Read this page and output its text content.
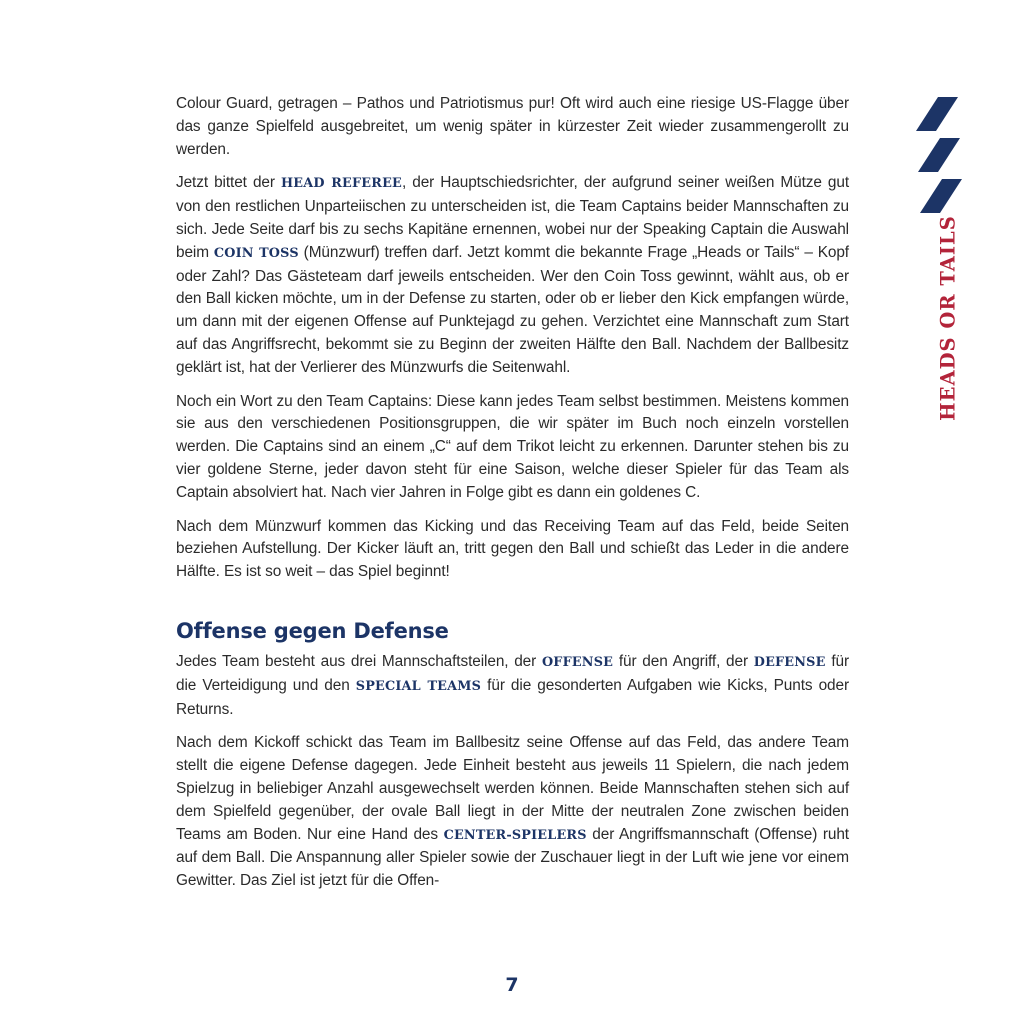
HEADS OR TAILS

Colour Guard, getragen – Pathos und Patriotismus pur! Oft wird auch eine riesige US-Flagge über das ganze Spielfeld ausgebreitet, um wenig später in kürzester Zeit wieder zusammengerollt zu werden.

Jetzt bittet der HEAD REFEREE, der Hauptschiedsrichter, der aufgrund seiner weißen Mütze gut von den restlichen Unparteiischen zu unterscheiden ist, die Team Captains beider Mannschaften zu sich. Jede Seite darf bis zu sechs Kapitäne ernennen, wobei nur der Speaking Captain die Auswahl beim COIN TOSS (Münzwurf) treffen darf. Jetzt kommt die bekannte Frage „Heads or Tails“ – Kopf oder Zahl? Das Gästeteam darf jeweils entscheiden. Wer den Coin Toss gewinnt, wählt aus, ob er den Ball kicken möchte, um in der Defense zu starten, oder ob er lieber den Kick empfangen würde, um dann mit der eigenen Offense auf Punktejagd zu gehen. Verzichtet eine Mannschaft zum Start auf das Angriffsrecht, bekommt sie zu Beginn der zweiten Hälfte den Ball. Nachdem der Ballbesitz geklärt ist, hat der Verlierer des Münzwurfs die Seitenwahl.

Noch ein Wort zu den Team Captains: Diese kann jedes Team selbst bestimmen. Meistens kommen sie aus den verschiedenen Positionsgruppen, die wir später im Buch noch einzeln vorstellen werden. Die Captains sind an einem „C“ auf dem Trikot leicht zu erkennen. Darunter stehen bis zu vier goldene Sterne, jeder davon steht für eine Saison, welche dieser Spieler für das Team als Captain absolviert hat. Nach vier Jahren in Folge gibt es dann ein goldenes C.

Nach dem Münzwurf kommen das Kicking und das Receiving Team auf das Feld, beide Seiten beziehen Aufstellung. Der Kicker läuft an, tritt gegen den Ball und schießt das Leder in die andere Hälfte. Es ist so weit – das Spiel beginnt!

Offense gegen Defense

Jedes Team besteht aus drei Mannschaftsteilen, der OFFENSE für den Angriff, der DEFENSE für die Verteidigung und den SPECIAL TEAMS für die gesonderten Aufgaben wie Kicks, Punts oder Returns.

Nach dem Kickoff schickt das Team im Ballbesitz seine Offense auf das Feld, das andere Team stellt die eigene Defense dagegen. Jede Einheit besteht aus jeweils 11 Spielern, die nach jedem Spielzug in beliebiger Anzahl ausgewechselt werden können. Beide Mannschaften stehen sich auf dem Spielfeld gegenüber, der ovale Ball liegt in der Mitte der neutralen Zone zwischen beiden Teams am Boden. Nur eine Hand des CENTER-SPIELERS der Angriffsmannschaft (Offense) ruht auf dem Ball. Die Anspannung aller Spieler sowie der Zuschauer liegt in der Luft wie jene vor einem Gewitter. Das Ziel ist jetzt für die Offen-

7
